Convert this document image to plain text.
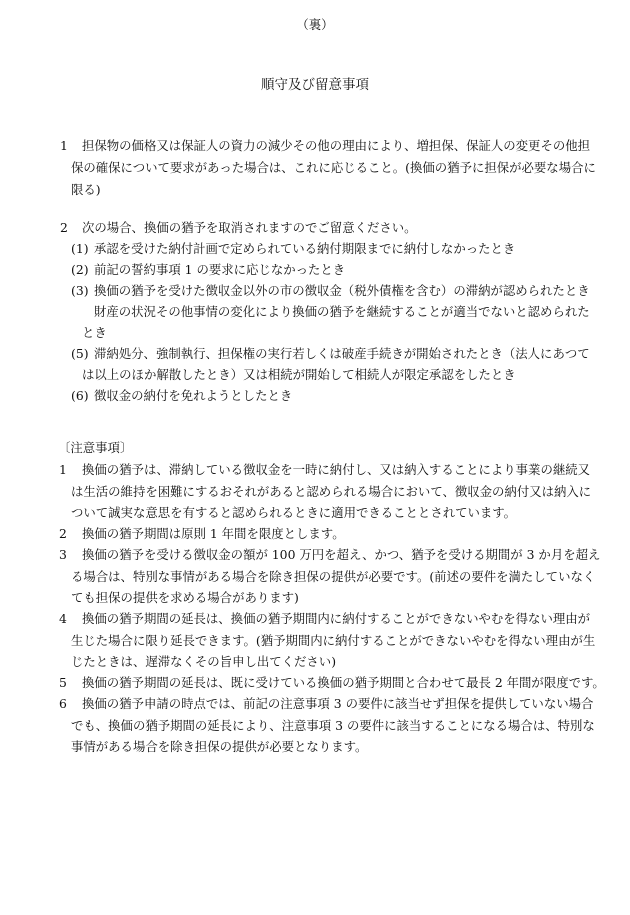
（裏）
順守及び留意事項
1 担保物の価格又は保証人の資力の減少その他の理由により、増担保、保証人の変更その他担
保の確保について要求があった場合は、これに応じること。(換価の猶予に担保が必要な場合に
限る)
2 次の場合、換価の猶予を取消されますのでご留意ください。
(1) 承認を受けた納付計画で定められている納付期限までに納付しなかったとき
(2) 前記の誓約事項 1 の要求に応じなかったとき
(3) 換価の猶予を受けた徴収金以外の市の徴収金（税外債権を含む）の滞納が認められたとき
財産の状況その他事情の変化により換価の猶予を継続することが適当でないと認められた
とき
(5) 滞納処分、強制執行、担保権の実行若しくは破産手続きが開始されたとき（法人にあつて
は以上のほか解散したとき）又は相続が開始して相続人が限定承認をしたとき
(6) 徴収金の納付を免れようとしたとき
〔注意事項〕
1 換価の猶予は、滞納している徴収金を一時に納付し、又は納入することにより事業の継続又
は生活の維持を困難にするおそれがあると認められる場合において、徴収金の納付又は納入に
ついて誠実な意思を有すると認められるときに適用できることとされています。
2 換価の猶予期間は原則 1 年間を限度とします。
3 換価の猶予を受ける徴収金の額が 100 万円を超え、かつ、猶予を受ける期間が 3 か月を超え
る場合は、特別な事情がある場合を除き担保の提供が必要です。(前述の要件を満たしていなく
ても担保の提供を求める場合があります)
4 換価の猶予期間の延長は、換価の猶予期間内に納付することができないやむを得ない理由が
生じた場合に限り延長できます。(猶予期間内に納付することができないやむを得ない理由が生
じたときは、遅滞なくその旨申し出てください)
5 換価の猶予期間の延長は、既に受けている換価の猶予期間と合わせて最長 2 年間が限度です。
6 換価の猶予申請の時点では、前記の注意事項 3 の要件に該当せず担保を提供していない場合
でも、換価の猶予期間の延長により、注意事項 3 の要件に該当することになる場合は、特別な
事情がある場合を除き担保の提供が必要となります。
